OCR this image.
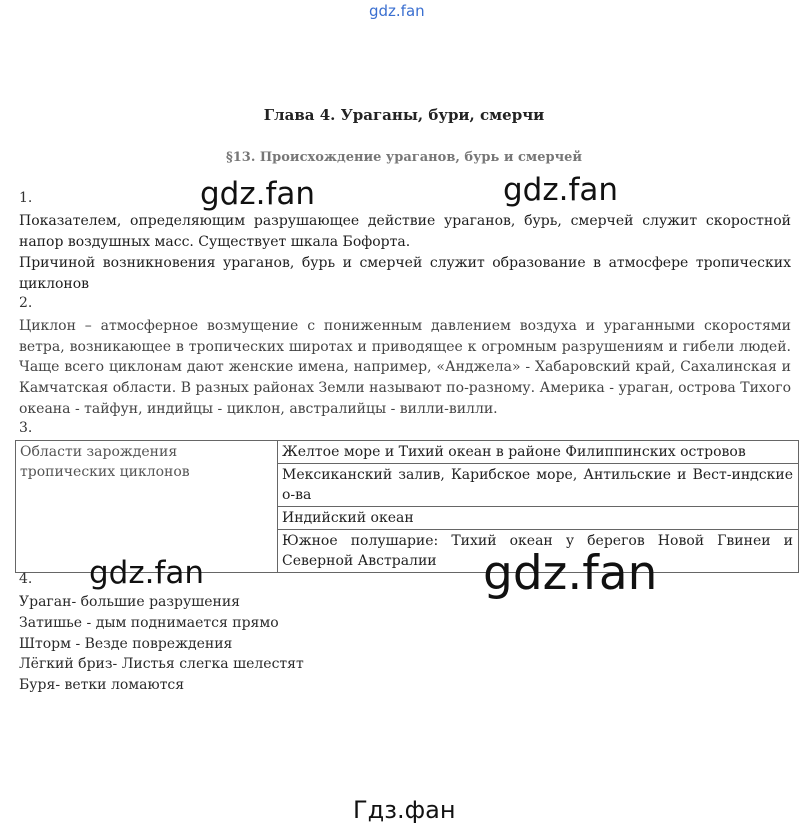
gdz.fan
Глава 4. Ураганы, бури, смерчи
§13. Происхождение ураганов, бурь и смерчей
1.
Показателем, определяющим разрушающее действие ураганов, бурь, смерчей служит скоростной напор воздушных масс. Существует шкала Бофорта.
Причиной возникновения ураганов, бурь и смерчей служит образование в атмосфере тропических циклонов
2.
Циклон – атмосферное возмущение с пониженным давлением воздуха и ураганными скоростями ветра, возникающее в тропических широтах и приводящее к огромным разрушениям и гибели людей. Чаще всего циклонам дают женские имена, например, «Анджела» - Хабаровский край, Сахалинская и Камчатская области. В разных районах Земли называют по-разному. Америка - ураган, острова Тихого океана - тайфун, индийцы - циклон, австралийцы - вилли-вилли.
3.
Области зарождения тропических циклонов	Желтое море и Тихий океан в районе Филиппинских островов
Мексиканский залив, Карибское море, Антильские и Вест-индские о-ва
Индийский океан
Южное полушарие: Тихий океан у берегов Новой Гвинеи и Северной Австралии
4.
Ураган- большие разрушения
Затишье - дым поднимается прямо
Шторм - Везде повреждения
Лёгкий бриз- Листья слегка шелестят
Буря- ветки ломаются
gdz.fan	gdz.fan
gdz.fan	gdz.fan
Гдз.фан
